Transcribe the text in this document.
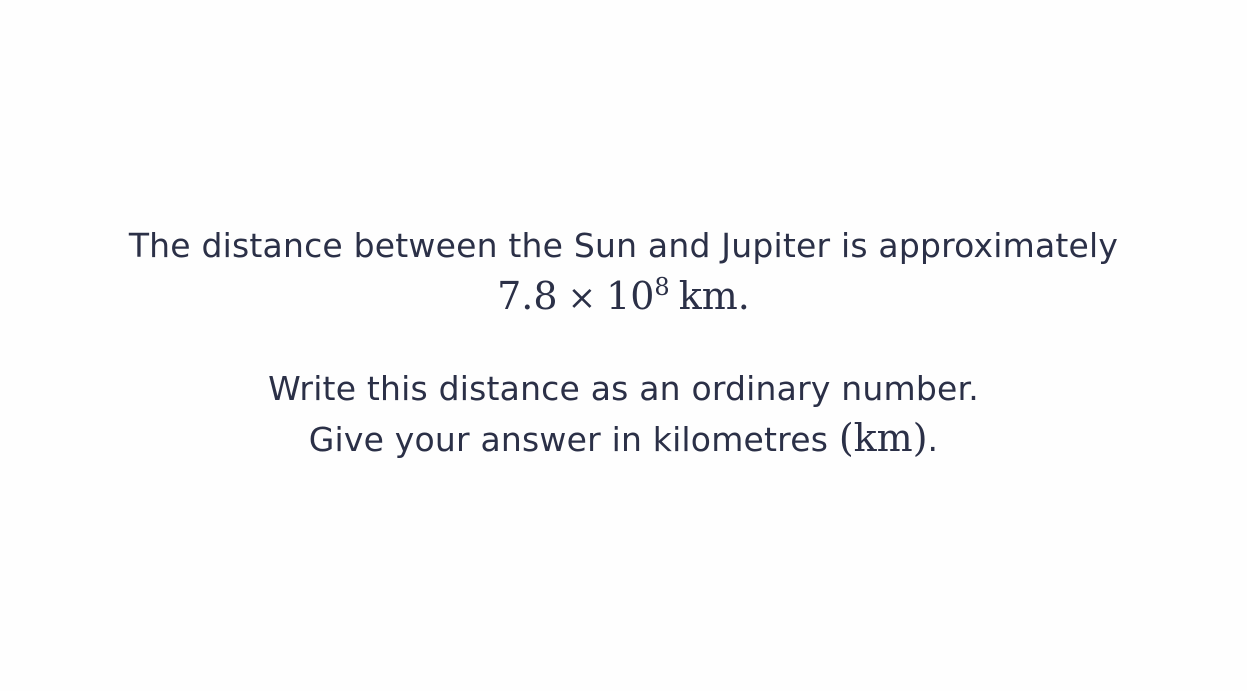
The distance between the Sun and Jupiter is approximately
$7.8 \times 10^8$ km.
Write this distance as an ordinary number.
Give your answer in kilometres (km).
